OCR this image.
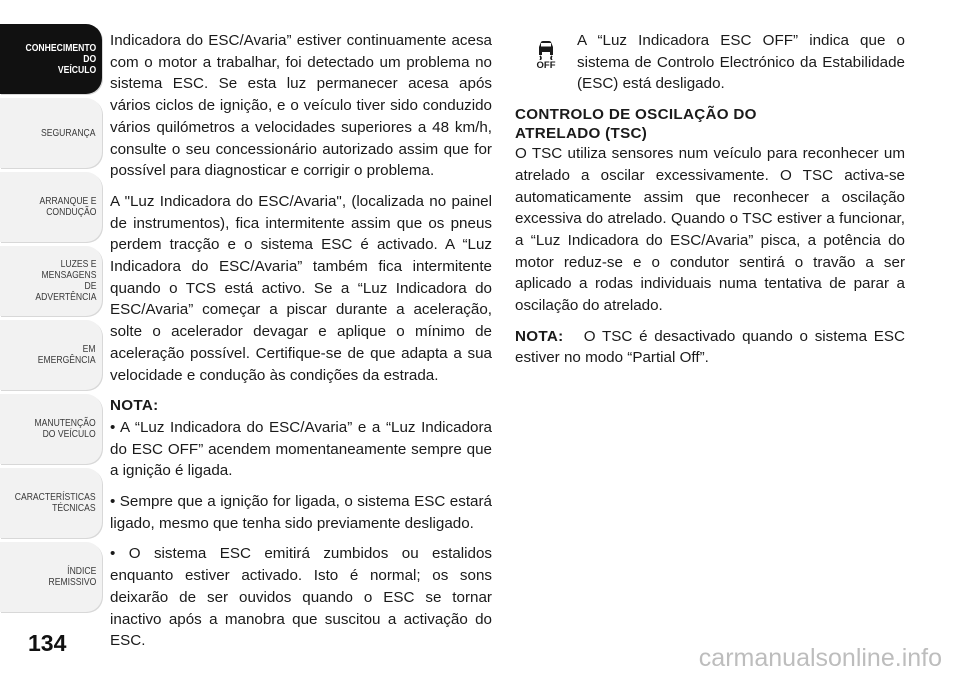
CONHECIMENTO
DO
VEÍCULO
SEGURANÇA
ARRANQUE E
CONDUÇÃO
LUZES E
MENSAGENS
DE
ADVERTÊNCIA
EM
EMERGÊNCIA
MANUTENÇÃO
DO VEÍCULO
CARACTERÍSTICAS
TÉCNICAS
ÍNDICE
REMISSIVO
134

Indicadora do ESC/Avaria” estiver continuamente acesa com o motor a trabalhar, foi detectado um problema no sistema ESC. Se esta luz permanecer acesa após vários ciclos de ignição, e o veículo tiver sido conduzido vários quilómetros a velocidades superiores a 48 km/h, consulte o seu concessionário autorizado assim que for possível para diagnosticar e corrigir o problema.

A "Luz Indicadora do ESC/Avaria", (localizada no painel de instrumentos), fica intermitente assim que os pneus perdem tracção e o sistema ESC é activado. A “Luz Indicadora do ESC/Avaria” também fica intermitente quando o TCS está activo. Se a “Luz Indicadora do ESC/Avaria” começar a piscar durante a aceleração, solte o acelerador devagar e aplique o mínimo de aceleração possível. Certifique-se de que adapta a sua velocidade e condução às condições da estrada.

NOTA:

• A “Luz Indicadora do ESC/Avaria” e a “Luz Indicadora do ESC OFF” acendem momentaneamente sempre que a ignição é ligada.

• Sempre que a ignição for ligada, o sistema ESC estará ligado, mesmo que tenha sido previamente desligado.

• O sistema ESC emitirá zumbidos ou estalidos enquanto estiver activado. Isto é normal; os sons deixarão de ser ouvidos quando o ESC se tornar inactivo após a manobra que suscitou a activação do ESC.

OFF

A “Luz Indicadora ESC OFF” indica que o sistema de Controlo Electrónico da Estabilidade (ESC) está desligado.

CONTROLO DE OSCILAÇÃO DO
ATRELADO (TSC)

O TSC utiliza sensores num veículo para reconhecer um atrelado a oscilar excessivamente. O TSC activa-se automaticamente assim que reconhecer a oscilação excessiva do atrelado. Quando o TSC estiver a funcionar, a “Luz Indicadora do ESC/Avaria” pisca, a potência do motor reduz-se e o condutor sentirá o travão a ser aplicado a rodas individuais numa tentativa de parar a oscilação do atrelado.

NOTA: O TSC é desactivado quando o sistema ESC estiver no modo “Partial Off”.

carmanualsonline.info
